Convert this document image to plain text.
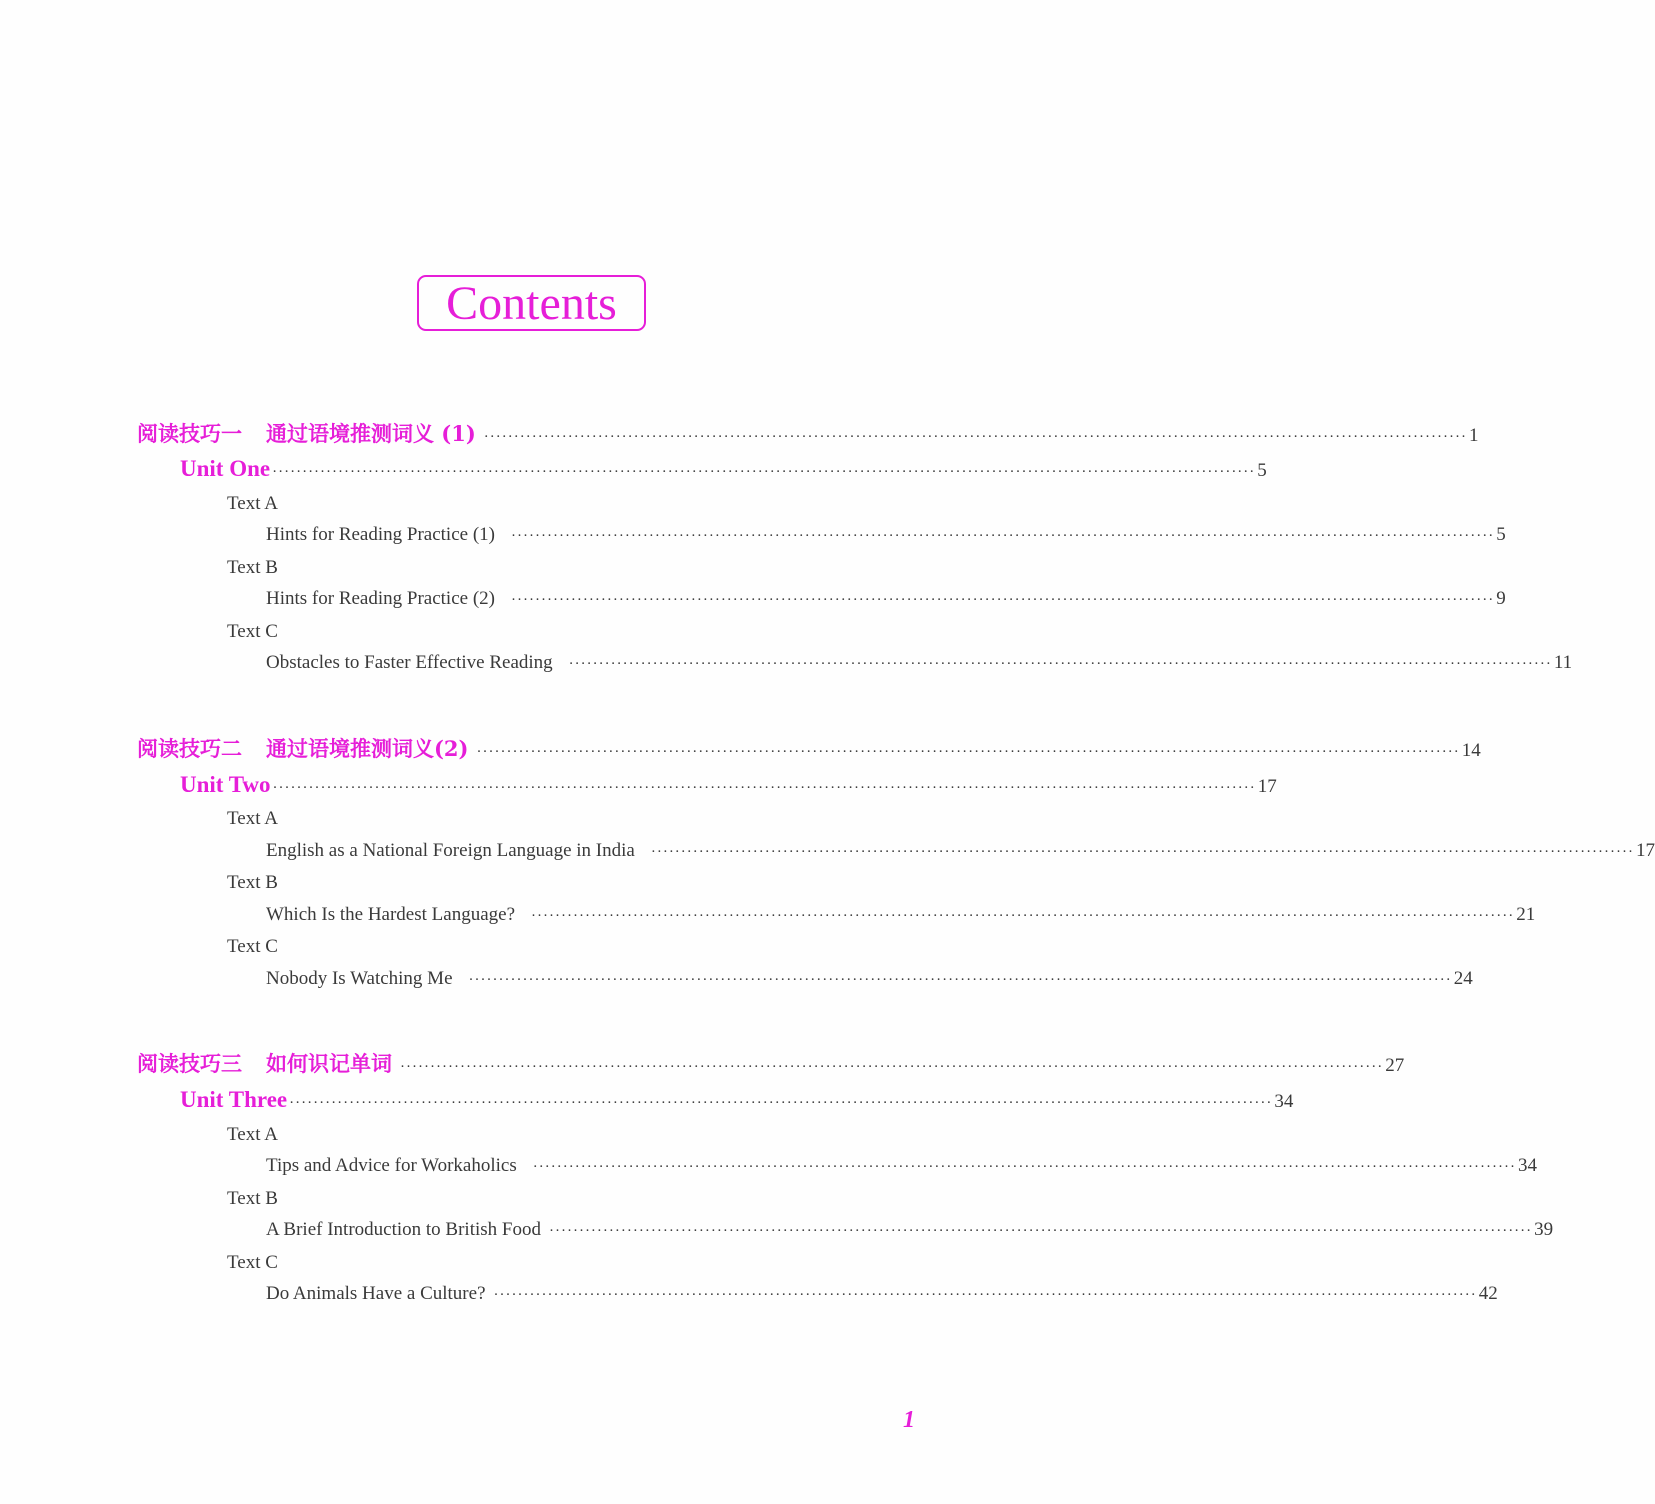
Contents
阅读技巧一 通过语境推测词义 (1) ···································································································································································· 1
Unit One ···································································································································································· 5
Text A
Hints for Reading Practice (1) ···································································································································································· 5
Text B
Hints for Reading Practice (2) ···································································································································································· 9
Text C
Obstacles to Faster Effective Reading ···································································································································································· 11
阅读技巧二 通过语境推测词义(2) ···································································································································································· 14
Unit Two ···································································································································································· 17
Text A
English as a National Foreign Language in India ···································································································································································· 17
Text B
Which Is the Hardest Language? ···································································································································································· 21
Text C
Nobody Is Watching Me ···································································································································································· 24
阅读技巧三 如何识记单词 ···································································································································································· 27
Unit Three ···································································································································································· 34
Text A
Tips and Advice for Workaholics ···································································································································································· 34
Text B
A Brief Introduction to British Food ···································································································································································· 39
Text C
Do Animals Have a Culture? ···································································································································································· 42
1
